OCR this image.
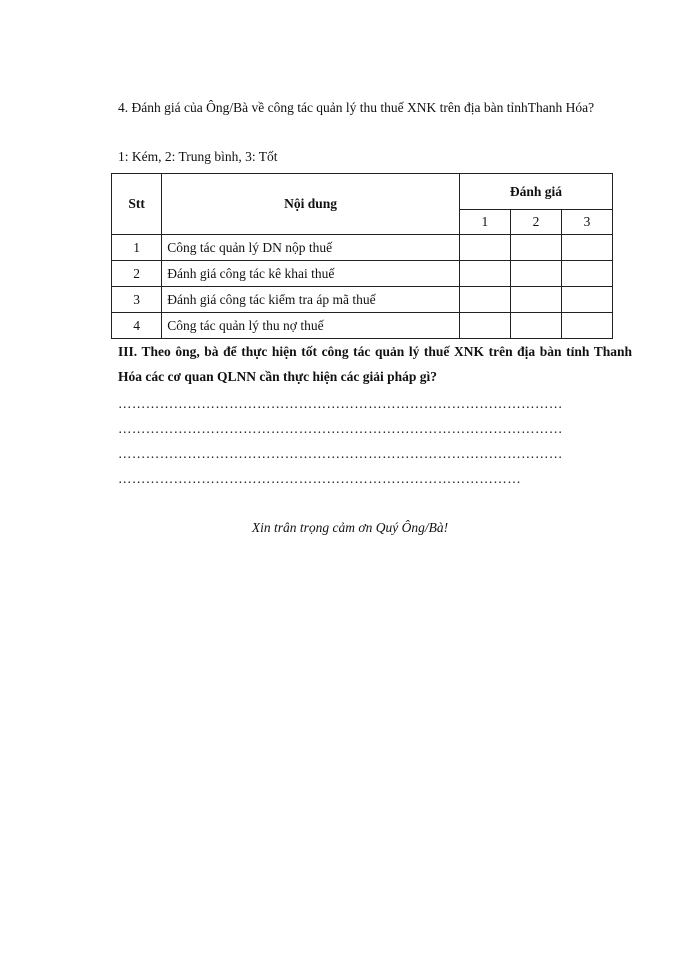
4. Đánh giá của Ông/Bà về công tác quản lý thu thuế XNK trên địa bàn tỉnhThanh Hóa?
1: Kém, 2: Trung bình, 3: Tốt
Stt	Nội dung	Đánh giá		
		1	2	3
1	Công tác quản lý DN nộp thuế			
2	Đánh giá công tác kê khai thuế			
3	Đánh giá công tác kiểm tra áp mã thuế			
4	Công tác quản lý thu nợ thuế			
III. Theo ông, bà để thực hiện tốt công tác quản lý thuế XNK trên địa bàn tỉnh Thanh Hóa các cơ quan QLNN cần thực hiện các giải pháp gì?
……………………………………………………………………………………
……………………………………………………………………………………
……………………………………………………………………………………
……………………………………………………………………………
Xin trân trọng cảm ơn Quý Ông/Bà!
